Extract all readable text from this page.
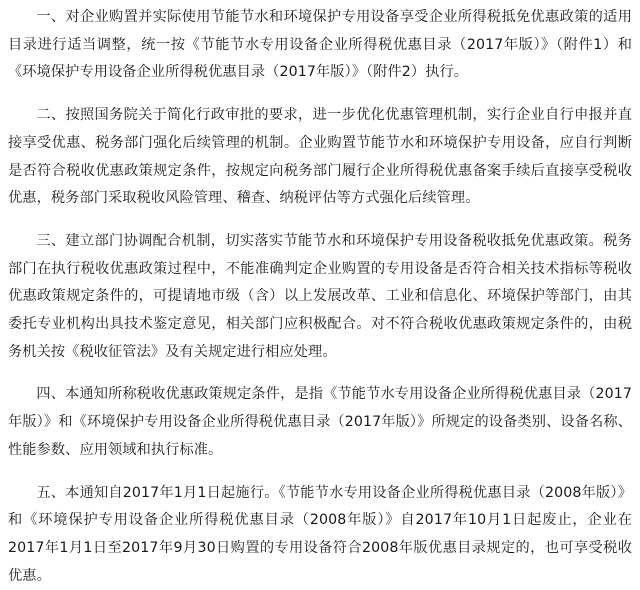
一、对企业购置并实际使用节能节水和环境保护专用设备享受企业所得税抵免优惠政策的适用目录进行适当调整，统一按《节能节水专用设备企业所得税优惠目录（2017年版）》（附件1）和《环境保护专用设备企业所得税优惠目录（2017年版）》（附件2）执行。

二、按照国务院关于简化行政审批的要求，进一步优化优惠管理机制，实行企业自行申报并直接享受优惠、税务部门强化后续管理的机制。企业购置节能节水和环境保护专用设备，应自行判断是否符合税收优惠政策规定条件，按规定向税务部门履行企业所得税优惠备案手续后直接享受税收优惠，税务部门采取税收风险管理、稽查、纳税评估等方式强化后续管理。

三、建立部门协调配合机制，切实落实节能节水和环境保护专用设备税收抵免优惠政策。税务部门在执行税收优惠政策过程中，不能准确判定企业购置的专用设备是否符合相关技术指标等税收优惠政策规定条件的，可提请地市级（含）以上发展改革、工业和信息化、环境保护等部门，由其委托专业机构出具技术鉴定意见，相关部门应积极配合。对不符合税收优惠政策规定条件的，由税务机关按《税收征管法》及有关规定进行相应处理。

四、本通知所称税收优惠政策规定条件，是指《节能节水专用设备企业所得税优惠目录（2017年版）》和《环境保护专用设备企业所得税优惠目录（2017年版）》所规定的设备类别、设备名称、性能参数、应用领域和执行标准。

五、本通知自2017年1月1日起施行。《节能节水专用设备企业所得税优惠目录（2008年版）》和《环境保护专用设备企业所得税优惠目录（2008年版）》自2017年10月1日起废止，企业在2017年1月1日至2017年9月30日购置的专用设备符合2008年版优惠目录规定的，也可享受税收优惠。
